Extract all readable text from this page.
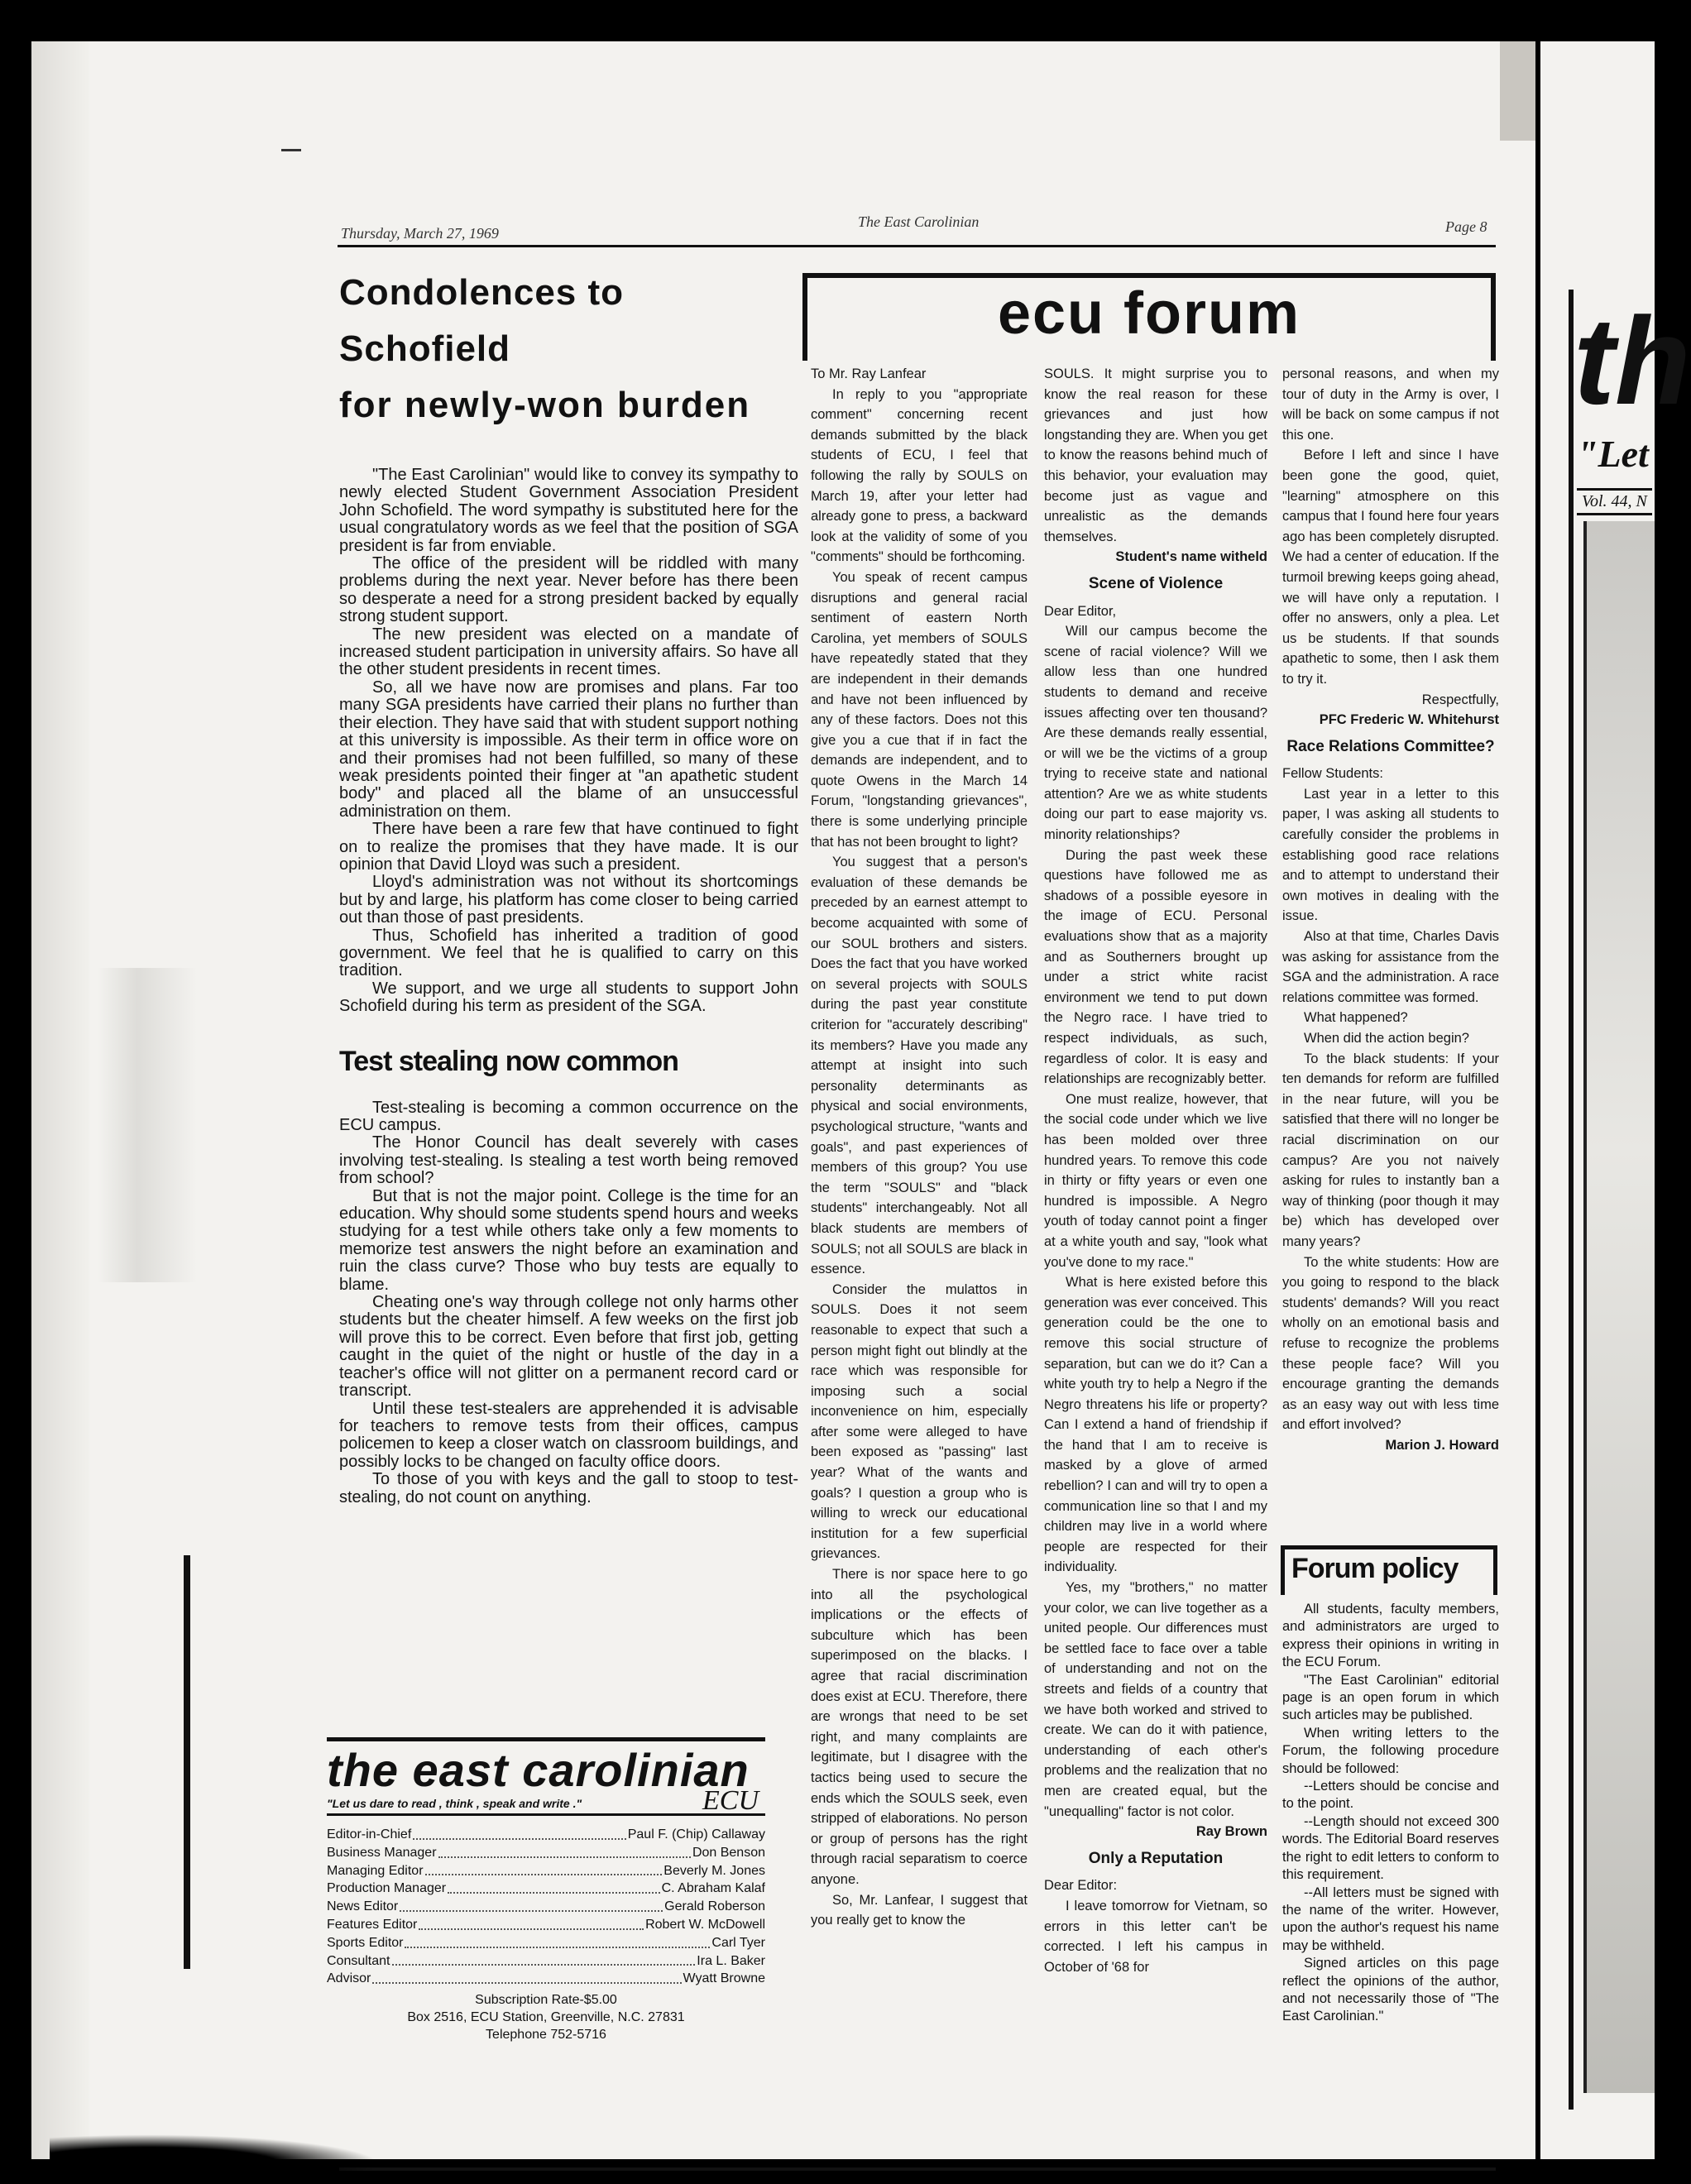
th
"Let
Vol. 44, N
Thursday, March 27, 1969
The East Carolinian	Page 8
Condolences to Schofield
for newly-won burden

"The East Carolinian" would like to convey its sympathy to newly elected Student Government Association President John Schofield. The word sympathy is substituted here for the usual congratulatory words as we feel that the position of SGA president is far from enviable.

The office of the president will be riddled with many problems during the next year. Never before has there been so desperate a need for a strong president backed by equally strong student support.

The new president was elected on a mandate of increased student participation in university affairs. So have all the other student presidents in recent times.

So, all we have now are promises and plans. Far too many SGA presidents have carried their plans no further than their election. They have said that with student support nothing at this university is impossible. As their term in office wore on and their promises had not been fulfilled, so many of these weak presidents pointed their finger at "an apathetic student body" and placed all the blame of an unsuccessful administration on them.

There have been a rare few that have continued to fight on to realize the promises that they have made. It is our opinion that David Lloyd was such a president.

Lloyd's administration was not without its shortcomings but by and large, his platform has come closer to being carried out than those of past presidents.

Thus, Schofield has inherited a tradition of good government. We feel that he is qualified to carry on this tradition.

We support, and we urge all students to support John Schofield during his term as president of the SGA.

Test stealing now common

Test-stealing is becoming a common occurrence on the ECU campus.

The Honor Council has dealt severely with cases involving test-stealing. Is stealing a test worth being removed from school?

But that is not the major point. College is the time for an education. Why should some students spend hours and weeks studying for a test while others take only a few moments to memorize test answers the night before an examination and ruin the class curve? Those who buy tests are equally to blame.

Cheating one's way through college not only harms other students but the cheater himself. A few weeks on the first job will prove this to be correct. Even before that first job, getting caught in the quiet of the night or hustle of the day in a teacher's office will not glitter on a permanent record card or transcript.

Until these test-stealers are apprehended it is advisable for teachers to remove tests from their offices, campus policemen to keep a closer watch on classroom buildings, and possibly locks to be changed on faculty office doors.

To those of you with keys and the gall to stoop to test-stealing, do not count on anything.

the east carolinian
"Let us dare to read , think , speak and write ."	ECU
Editor-in-Chief	Paul F. (Chip) Callaway
Business Manager	Don Benson
Managing Editor	Beverly M. Jones
Production Manager	C. Abraham Kalaf
News Editor	Gerald Roberson
Features Editor	Robert W. McDowell
Sports Editor	Carl Tyer
Consultant	Ira L. Baker
Advisor	Wyatt Browne
Subscription Rate-$5.00
Box 2516, ECU Station, Greenville, N.C. 27831
Telephone 752-5716
ecu forum

To Mr. Ray Lanfear

In reply to you "appropriate comment" concerning recent demands submitted by the black students of ECU, I feel that following the rally by SOULS on March 19, after your letter had already gone to press, a backward look at the validity of some of you "comments" should be forthcoming.

You speak of recent campus disruptions and general racial sentiment of eastern North Carolina, yet members of SOULS have repeatedly stated that they are independent in their demands and have not been influenced by any of these factors. Does not this give you a cue that if in fact the demands are independent, and to quote Owens in the March 14 Forum, "longstanding grievances", there is some underlying principle that has not been brought to light?

You suggest that a person's evaluation of these demands be preceded by an earnest attempt to become acquainted with some of our SOUL brothers and sisters. Does the fact that you have worked on several projects with SOULS during the past year constitute criterion for "accurately describing" its members? Have you made any attempt at insight into such personality determinants as physical and social environments, psychological structure, "wants and goals", and past experiences of members of this group? You use the term "SOULS" and "black students" interchangeably. Not all black students are members of SOULS; not all SOULS are black in essence.

Consider the mulattos in SOULS. Does it not seem reasonable to expect that such a person might fight out blindly at the race which was responsible for imposing such a social inconvenience on him, especially after some were alleged to have been exposed as "passing" last year? What of the wants and goals? I question a group who is willing to wreck our educational institution for a few superficial grievances.

There is nor space here to go into all the psychological implications or the effects of subculture which has been superimposed on the blacks. I agree that racial discrimination does exist at ECU. Therefore, there are wrongs that need to be set right, and many complaints are legitimate, but I disagree with the tactics being used to secure the ends which the SOULS seek, even stripped of elaborations. No person or group of persons has the right through racial separatism to coerce anyone.

So, Mr. Lanfear, I suggest that you really get to know the

SOULS. It might surprise you to know the real reason for these grievances and just how longstanding they are. When you get to know the reasons behind much of this behavior, your evaluation may become just as vague and unrealistic as the demands themselves.

Student's name witheld

Scene of Violence

Dear Editor,

Will our campus become the scene of racial violence? Will we allow less than one hundred students to demand and receive issues affecting over ten thousand? Are these demands really essential, or will we be the victims of a group trying to receive state and national attention? Are we as white students doing our part to ease majority vs. minority relationships?

During the past week these questions have followed me as shadows of a possible eyesore in the image of ECU. Personal evaluations show that as a majority and as Southerners brought up under a strict white racist environment we tend to put down the Negro race. I have tried to respect individuals, as such, regardless of color. It is easy and relationships are recognizably better.

One must realize, however, that the social code under which we live has been molded over three hundred years. To remove this code in thirty or fifty years or even one hundred is impossible. A Negro youth of today cannot point a finger at a white youth and say, "look what you've done to my race."

What is here existed before this generation was ever conceived. This generation could be the one to remove this social structure of separation, but can we do it? Can a white youth try to help a Negro if the Negro threatens his life or property? Can I extend a hand of friendship if the hand that I am to receive is masked by a glove of armed rebellion? I can and will try to open a communication line so that I and my children may live in a world where people are respected for their individuality.

Yes, my "brothers," no matter your color, we can live together as a united people. Our differences must be settled face to face over a table of understanding and not on the streets and fields of a country that we have both worked and strived to create. We can do it with patience, understanding of each other's problems and the realization that no men are created equal, but the "unequalling" factor is not color.

Ray Brown

Only a Reputation

Dear Editor:

I leave tomorrow for Vietnam, so errors in this letter can't be corrected. I left his campus in October of '68 for

personal reasons, and when my tour of duty in the Army is over, I will be back on some campus if not this one.

Before I left and since I have been gone the good, quiet, "learning" atmosphere on this campus that I found here four years ago has been completely disrupted. We had a center of education. If the turmoil brewing keeps going ahead, we will have only a reputation. I offer no answers, only a plea. Let us be students. If that sounds apathetic to some, then I ask them to try it.

Respectfully,

PFC Frederic W. Whitehurst

Race Relations Committee?

Fellow Students:

Last year in a letter to this paper, I was asking all students to carefully consider the problems in establishing good race relations and to attempt to understand their own motives in dealing with the issue.

Also at that time, Charles Davis was asking for assistance from the SGA and the administration. A race relations committee was formed.

What happened?

When did the action begin?

To the black students: If your ten demands for reform are fulfilled in the near future, will you be satisfied that there will no longer be racial discrimination on our campus? Are you not naively asking for rules to instantly ban a way of thinking (poor though it may be) which has developed over many years?

To the white students: How are you going to respond to the black students' demands? Will you react wholly on an emotional basis and refuse to recognize the problems these people face? Will you encourage granting the demands as an easy way out with less time and effort involved?

Marion J. Howard

Forum policy

All students, faculty members, and administrators are urged to express their opinions in writing in the ECU Forum.

"The East Carolinian" editorial page is an open forum in which such articles may be published.

When writing letters to the Forum, the following procedure should be followed:

--Letters should be concise and to the point.

--Length should not exceed 300 words. The Editorial Board reserves the right to edit letters to conform to this requirement.

--All letters must be signed with the name of the writer. However, upon the author's request his name may be withheld.

Signed articles on this page reflect the opinions of the author, and not necessarily those of "The East Carolinian."
